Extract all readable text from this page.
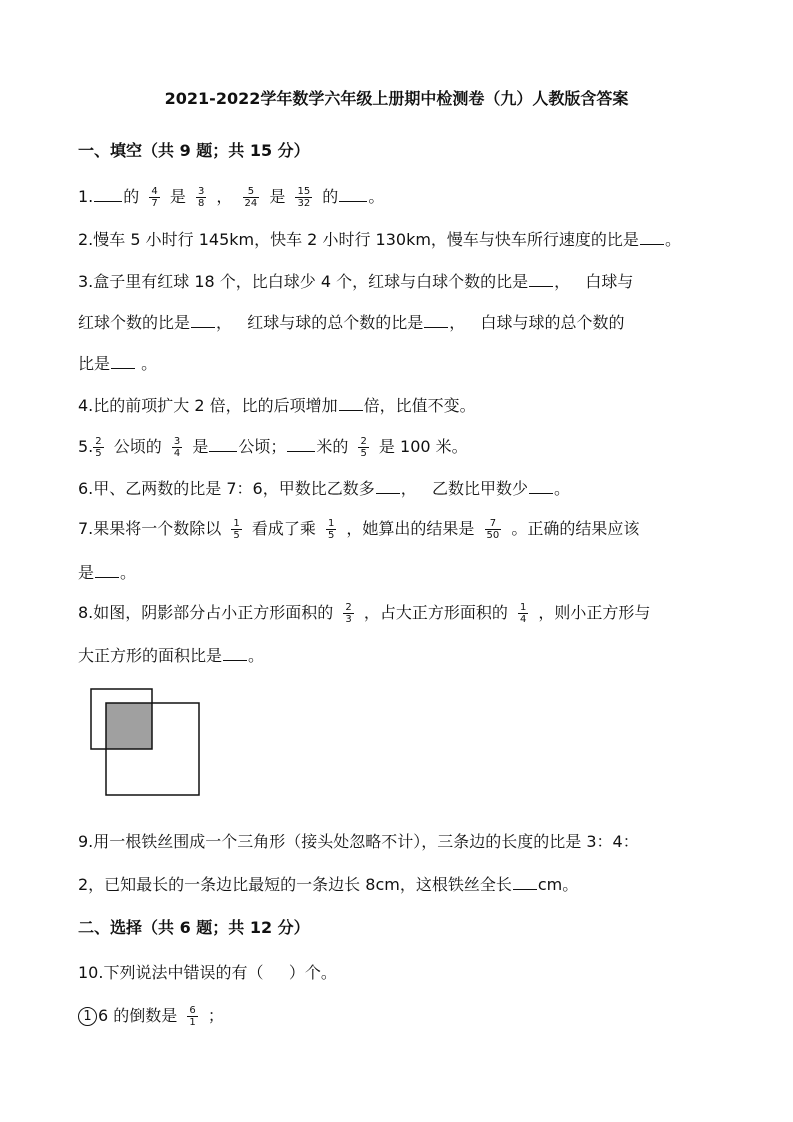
2021-2022学年数学六年级上册期中检测卷（九）人教版含答案
一、填空（共 9 题；共 15 分）
1. 的 $\frac{4}{7}$ 是 $\frac{3}{8}$ ， $\frac{5}{24}$ 是 $\frac{15}{32}$ 的 。
2.慢车 5 小时行 145km，快车 2 小时行 130km，慢车与快车所行速度的比是 。
3.盒子里有红球 18 个，比白球少 4 个，红球与白球个数的比是 ，   白球与
红球个数的比是 ，   红球与球的总个数的比是 ，   白球与球的总个数的
比是 。
4.比的前项扩大 2 倍，比的后项增加 倍，比值不变。
5. $\frac{2}{5}$ 公顷的 $\frac{3}{4}$ 是 公顷； 米的 $\frac{2}{5}$ 是 100 米。
6.甲、乙两数的比是 7：6，甲数比乙数多 ，   乙数比甲数少 。
7.果果将一个数除以 $\frac{1}{5}$ 看成了乘 $\frac{1}{5}$ ，她算出的结果是 $\frac{7}{50}$ 。正确的结果应该
是 。
8.如图，阴影部分占小正方形面积的 $\frac{2}{3}$ ，占大正方形面积的 $\frac{1}{4}$ ，则小正方形与
大正方形的面积比是 。
9.用一根铁丝围成一个三角形（接头处忽略不计），三条边的长度的比是 3：4：
2，已知最长的一条边比最短的一条边长 8cm，这根铁丝全长 cm。
二、选择（共 6 题；共 12 分）
10.下列说法中错误的有（     ）个。
1 6 的倒数是 $\frac{6}{1}$ ；
